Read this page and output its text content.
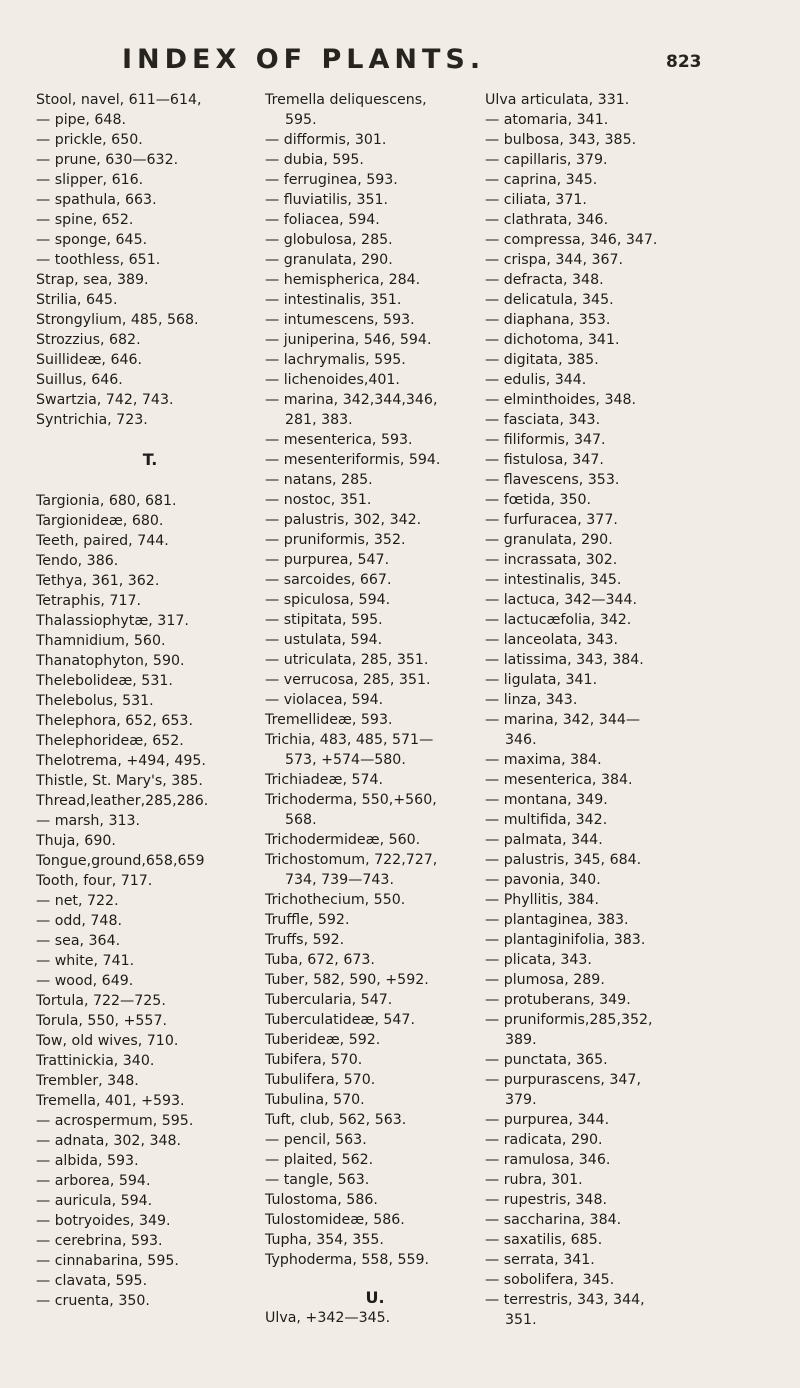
INDEX OF PLANTS.	823
Stool, navel, 611—614,
— pipe, 648.
— prickle, 650.
— prune, 630—632.
— slipper, 616.
— spathula, 663.
— spine, 652.
— sponge, 645.
— toothless, 651.
Strap, sea, 389.
Strilia, 645.
Strongylium, 485, 568.
Strozzius, 682.
Suillideæ, 646.
Suillus, 646.
Swartzia, 742, 743.
Syntrichia, 723.
T.
Targionia, 680, 681.
Targionideæ, 680.
Teeth, paired, 744.
Tendo, 386.
Tethya, 361, 362.
Tetraphis, 717.
Thalassiophytæ, 317.
Thamnidium, 560.
Thanatophyton, 590.
Thelebolideæ, 531.
Thelebolus, 531.
Thelephora, 652, 653.
Thelephorideæ, 652.
Thelotrema, +494, 495.
Thistle, St. Mary's, 385.
Thread,leather,285,286.
— marsh, 313.
Thuja, 690.
Tongue,ground,658,659
Tooth, four, 717.
— net, 722.
— odd, 748.
— sea, 364.
— white, 741.
— wood, 649.
Tortula, 722—725.
Torula, 550, +557.
Tow, old wives, 710.
Trattinickia, 340.
Trembler, 348.
Tremella, 401, +593.
— acrospermum, 595.
— adnata, 302, 348.
— albida, 593.
— arborea, 594.
— auricula, 594.
— botryoides, 349.
— cerebrina, 593.
— cinnabarina, 595.
— clavata, 595.
— cruenta, 350.
Tremella deliquescens,
595.
— difformis, 301.
— dubia, 595.
— ferruginea, 593.
— fluviatilis, 351.
— foliacea, 594.
— globulosa, 285.
— granulata, 290.
— hemispherica, 284.
— intestinalis, 351.
— intumescens, 593.
— juniperina, 546, 594.
— lachrymalis, 595.
— lichenoides,401.
— marina, 342,344,346,
281, 383.
— mesenterica, 593.
— mesenteriformis, 594.
— natans, 285.
— nostoc, 351.
— palustris, 302, 342.
— pruniformis, 352.
— purpurea, 547.
— sarcoides, 667.
— spiculosa, 594.
— stipitata, 595.
— ustulata, 594.
— utriculata, 285, 351.
— verrucosa, 285, 351.
— violacea, 594.
Tremellideæ, 593.
Trichia, 483, 485, 571—
573, +574—580.
Trichiadeæ, 574.
Trichoderma, 550,+560,
568.
Trichodermideæ, 560.
Trichostomum, 722,727,
734, 739—743.
Trichothecium, 550.
Truffle, 592.
Truffs, 592.
Tuba, 672, 673.
Tuber, 582, 590, +592.
Tubercularia, 547.
Tuberculatideæ, 547.
Tuberideæ, 592.
Tubifera, 570.
Tubulifera, 570.
Tubulina, 570.
Tuft, club, 562, 563.
— pencil, 563.
— plaited, 562.
— tangle, 563.
Tulostoma, 586.
Tulostomideæ, 586.
Tupha, 354, 355.
Typhoderma, 558, 559.
U.
Ulva, +342—345.
Ulva articulata, 331.
— atomaria, 341.
— bulbosa, 343, 385.
— capillaris, 379.
— caprina, 345.
— ciliata, 371.
— clathrata, 346.
— compressa, 346, 347.
— crispa, 344, 367.
— defracta, 348.
— delicatula, 345.
— diaphana, 353.
— dichotoma, 341.
— digitata, 385.
— edulis, 344.
— elminthoides, 348.
— fasciata, 343.
— filiformis, 347.
— fistulosa, 347.
— flavescens, 353.
— fœtida, 350.
— furfuracea, 377.
— granulata, 290.
— incrassata, 302.
— intestinalis, 345.
— lactuca, 342—344.
— lactucæfolia, 342.
— lanceolata, 343.
— latissima, 343, 384.
— ligulata, 341.
— linza, 343.
— marina, 342, 344—
346.
— maxima, 384.
— mesenterica, 384.
— montana, 349.
— multifida, 342.
— palmata, 344.
— palustris, 345, 684.
— pavonia, 340.
— Phyllitis, 384.
— plantaginea, 383.
— plantaginifolia, 383.
— plicata, 343.
— plumosa, 289.
— protuberans, 349.
— pruniformis,285,352,
389.
— punctata, 365.
— purpurascens, 347,
379.
— purpurea, 344.
— radicata, 290.
— ramulosa, 346.
— rubra, 301.
— rupestris, 348.
— saccharina, 384.
— saxatilis, 685.
— serrata, 341.
— sobolifera, 345.
— terrestris, 343, 344,
351.
